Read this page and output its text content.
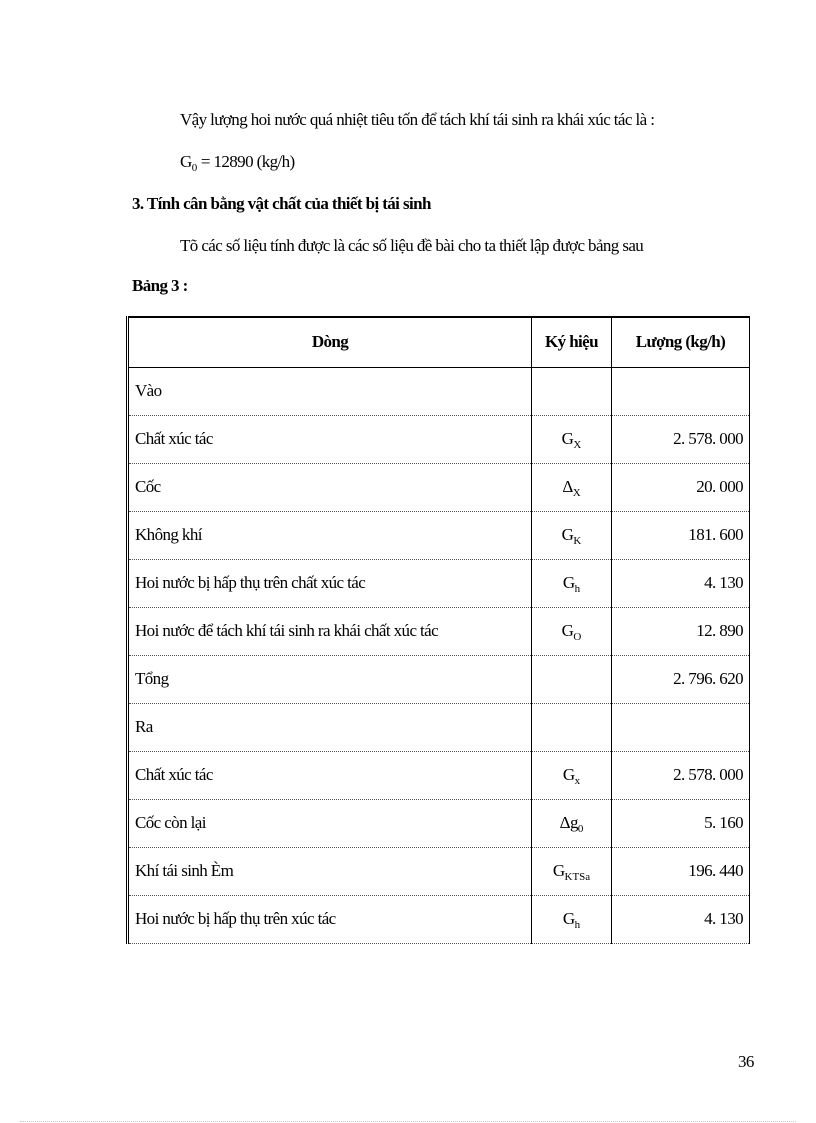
Vậy lượng hoi nước quá nhiệt tiêu tốn để tách khí tái sinh ra khái xúc tác là :
$G_0 = 12890$ (kg/h)
3. Tính cân bằng vật chất của thiết bị tái sinh
Tõ các số liệu tính được là các số liệu đề bài cho ta thiết lập được bảng sau
Bảng 3 :
Dòng	Ký hiệu	Lượng (kg/h)
Vào		
Chất xúc tác	$G_X$	2. 578. 000
Cốc	$\Delta_X$	20. 000
Không khí	$G_K$	181. 600
Hoi nước bị hấp thụ trên chất xúc tác	$G_h$	4. 130
Hoi nước để tách khí tái sinh ra khái chất xúc tác	$G_O$	12. 890
Tổng		2. 796. 620
Ra		
Chất xúc tác	$G_x$	2. 578. 000
Cốc còn lại	$\Delta g_0$	5. 160
Khí tái sinh Èm	$G_{KTSa}$	196. 440
Hoi nước bị hấp thụ trên xúc tác	$G_h$	4. 130
36
